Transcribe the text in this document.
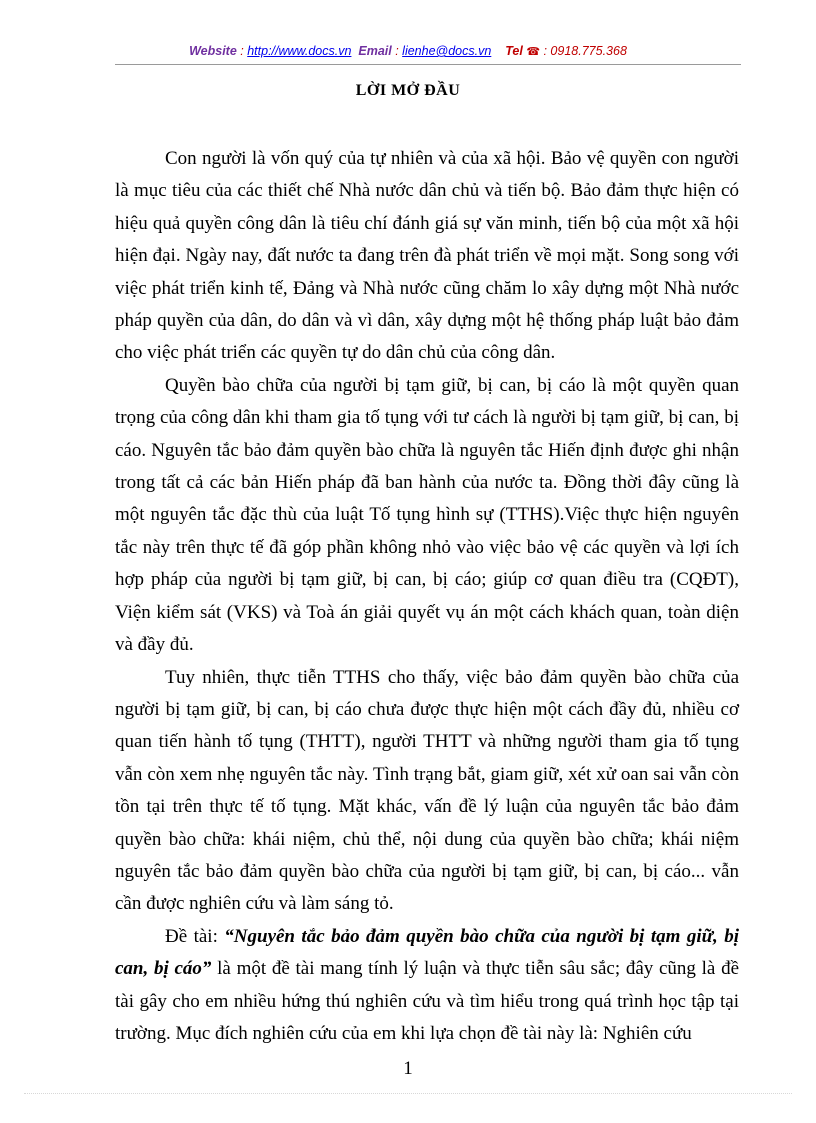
Website : http://www.docs.vn Email : lienhe@docs.vn Tel ☎ : 0918.775.368
LỜI MỞ ĐẦU

Con người là vốn quý của tự nhiên và của xã hội. Bảo vệ quyền con người là mục tiêu của các thiết chế Nhà nước dân chủ và tiến bộ. Bảo đảm thực hiện có hiệu quả quyền công dân là tiêu chí đánh giá sự văn minh, tiến bộ của một xã hội hiện đại. Ngày nay, đất nước ta đang trên đà phát triển về mọi mặt. Song song với việc phát triển kinh tế, Đảng và Nhà nước cũng chăm lo xây dựng một Nhà nước pháp quyền của dân, do dân và vì dân, xây dựng một hệ thống pháp luật bảo đảm cho việc phát triển các quyền tự do dân chủ của công dân.

Quyền bào chữa của người bị tạm giữ, bị can, bị cáo là một quyền quan trọng của công dân khi tham gia tố tụng với tư cách là người bị tạm giữ, bị can, bị cáo. Nguyên tắc bảo đảm quyền bào chữa là nguyên tắc Hiến định được ghi nhận trong tất cả các bản Hiến pháp đã ban hành của nước ta. Đồng thời đây cũng là một nguyên tắc đặc thù của luật Tố tụng hình sự (TTHS).Việc thực hiện nguyên tắc này trên thực tế đã góp phần không nhỏ vào việc bảo vệ các quyền và lợi ích hợp pháp của người bị tạm giữ, bị can, bị cáo; giúp cơ quan điều tra (CQĐT), Viện kiểm sát (VKS) và Toà án giải quyết vụ án một cách khách quan, toàn diện và đầy đủ.

Tuy nhiên, thực tiễn TTHS cho thấy, việc bảo đảm quyền bào chữa của người bị tạm giữ, bị can, bị cáo chưa được thực hiện một cách đầy đủ, nhiều cơ quan tiến hành tố tụng (THTT), người THTT và những người tham gia tố tụng vẫn còn xem nhẹ nguyên tắc này. Tình trạng bắt, giam giữ, xét xử oan sai vẫn còn tồn tại trên thực tế tố tụng. Mặt khác, vấn đề lý luận của nguyên tắc bảo đảm quyền bào chữa: khái niệm, chủ thể, nội dung của quyền bào chữa; khái niệm nguyên tắc bảo đảm quyền bào chữa của người bị tạm giữ, bị can, bị cáo... vẫn cần được nghiên cứu và làm sáng tỏ.

Đề tài: “Nguyên tắc bảo đảm quyền bào chữa của người bị tạm giữ, bị can, bị cáo” là một đề tài mang tính lý luận và thực tiễn sâu sắc; đây cũng là đề tài gây cho em nhiều hứng thú nghiên cứu và tìm hiểu trong quá trình học tập tại trường. Mục đích nghiên cứu của em khi lựa chọn đề tài này là: Nghiên cứu

1
